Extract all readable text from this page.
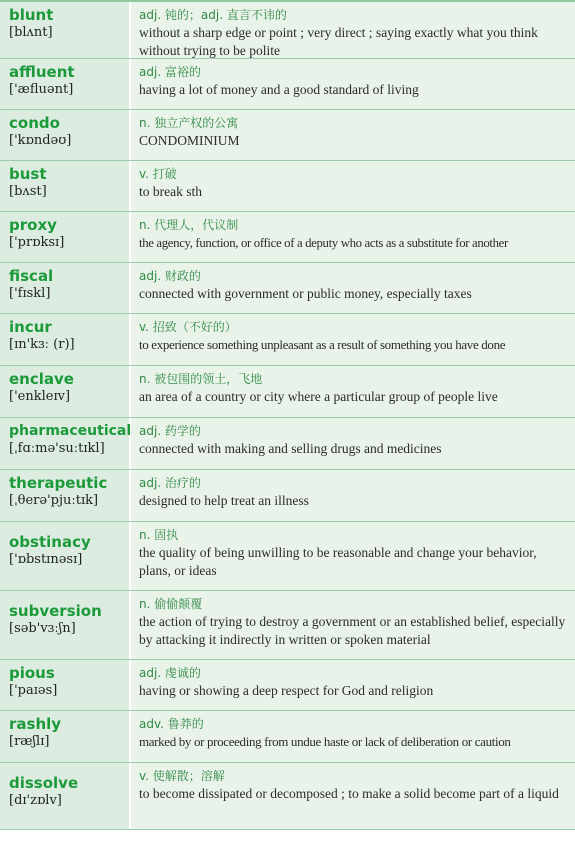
blunt
[blʌnt]
adj. 钝的；adj. 直言不讳的
without a sharp edge or point ; very direct ; saying exactly what you think without trying to be polite
affluent
['æfluənt]
adj. 富裕的
having a lot of money and a good standard of living
condo
['kɒndəʊ]
n. 独立产权的公寓
CONDOMINIUM
bust
[bʌst]
v. 打破
to break sth
proxy
['prɒksɪ]
n. 代理人，代议制
the agency, function, or office of a deputy who acts as a substitute for another
fiscal
['fɪskl]
adj. 财政的
connected with government or public money, especially taxes
incur
[ɪn'kɜː (r)]
v. 招致（不好的）
to experience something unpleasant as a result of something you have done
enclave
['enkleɪv]
n. 被包围的领土，飞地
an area of a country or city where a particular group of people live
pharmaceutical
[ˌfɑːmə'suːtɪkl]
adj. 药学的
connected with making and selling drugs and medicines
therapeutic
[ˌθerə'pjuːtɪk]
adj. 治疗的
designed to help treat an illness
obstinacy
['ɒbstɪnəsɪ]
n. 固执
the quality of being unwilling to be reasonable and change your behavior, plans, or ideas
subversion
[səb'vɜːʃn]
n. 偷偷颠覆
the action of trying to destroy a government or an established belief, especially by attacking it indirectly in written or spoken material
pious
['paɪəs]
adj. 虔诚的
having or showing a deep respect for God and religion
rashly
[ræʃlɪ]
adv. 鲁莽的
marked by or proceeding from undue haste or lack of deliberation or caution
dissolve
[dɪ'zɒlv]
v. 使解散；溶解
to become dissipated or decomposed ; to make a solid become part of a liquid
